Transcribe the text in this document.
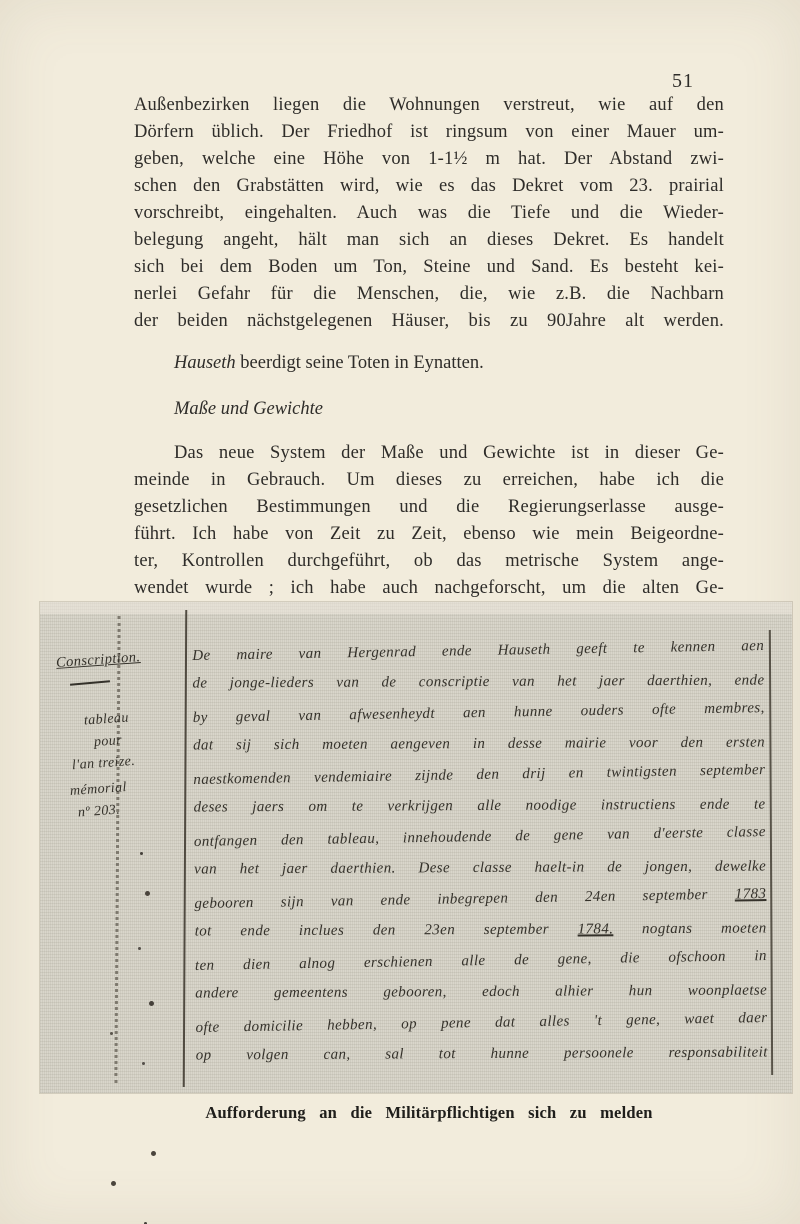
51
Außenbezirken liegen die Wohnungen verstreut, wie auf den
Dörfern üblich. Der Friedhof ist ringsum von einer Mauer um-
geben, welche eine Höhe von 1-1½ m hat. Der Abstand zwi-
schen den Grabstätten wird, wie es das Dekret vom 23. prairial
vorschreibt, eingehalten. Auch was die Tiefe und die Wieder-
belegung angeht, hält man sich an dieses Dekret. Es handelt
sich bei dem Boden um Ton, Steine und Sand. Es besteht kei-
nerlei Gefahr für die Menschen, die, wie z.B. die Nachbarn
der beiden nächstgelegenen Häuser, bis zu 90Jahre alt werden.
Hauseth beerdigt seine Toten in Eynatten.
Maße und Gewichte
Das neue System der Maße und Gewichte ist in dieser Ge-
meinde in Gebrauch. Um dieses zu erreichen, habe ich die
gesetzlichen Bestimmungen und die Regierungserlasse ausge-
führt. Ich habe von Zeit zu Zeit, ebenso wie mein Beigeordne-
ter, Kontrollen durchgeführt, ob das metrische System ange-
wendet wurde ; ich habe auch nachgeforscht, um die alten Ge-
Conscription.
tableau
pour
l'an treize.
mémorial
nº 203.
De maire van Hergenrad ende Hauseth geeft te kennen aen
de jonge-lieders van de conscriptie van het jaer daerthien, ende
by geval van afwesenheydt aen hunne ouders ofte membres,
dat sij sich moeten aengeven in desse mairie voor den ersten
naestkomenden vendemiaire zijnde den drij en twintigsten september
deses jaers om te verkrijgen alle noodige instructiens ende te
ontfangen den tableau, innehoudende de gene van d'eerste classe
van het jaer daerthien. Dese classe haelt-in de jongen, dewelke
gebooren sijn van ende inbegrepen den 24en september 1783
tot ende inclues den 23en september 1784. nogtans moeten
ten dien alnog erschienen alle de gene, die ofschoon in
andere gemeentens gebooren, edoch alhier hun woonplaetse
ofte domicilie hebben, op pene dat alles 't gene, waet daer
op volgen can, sal tot hunne persoonele responsabiliteit
Aufforderung an die Militärpflichtigen sich zu melden
